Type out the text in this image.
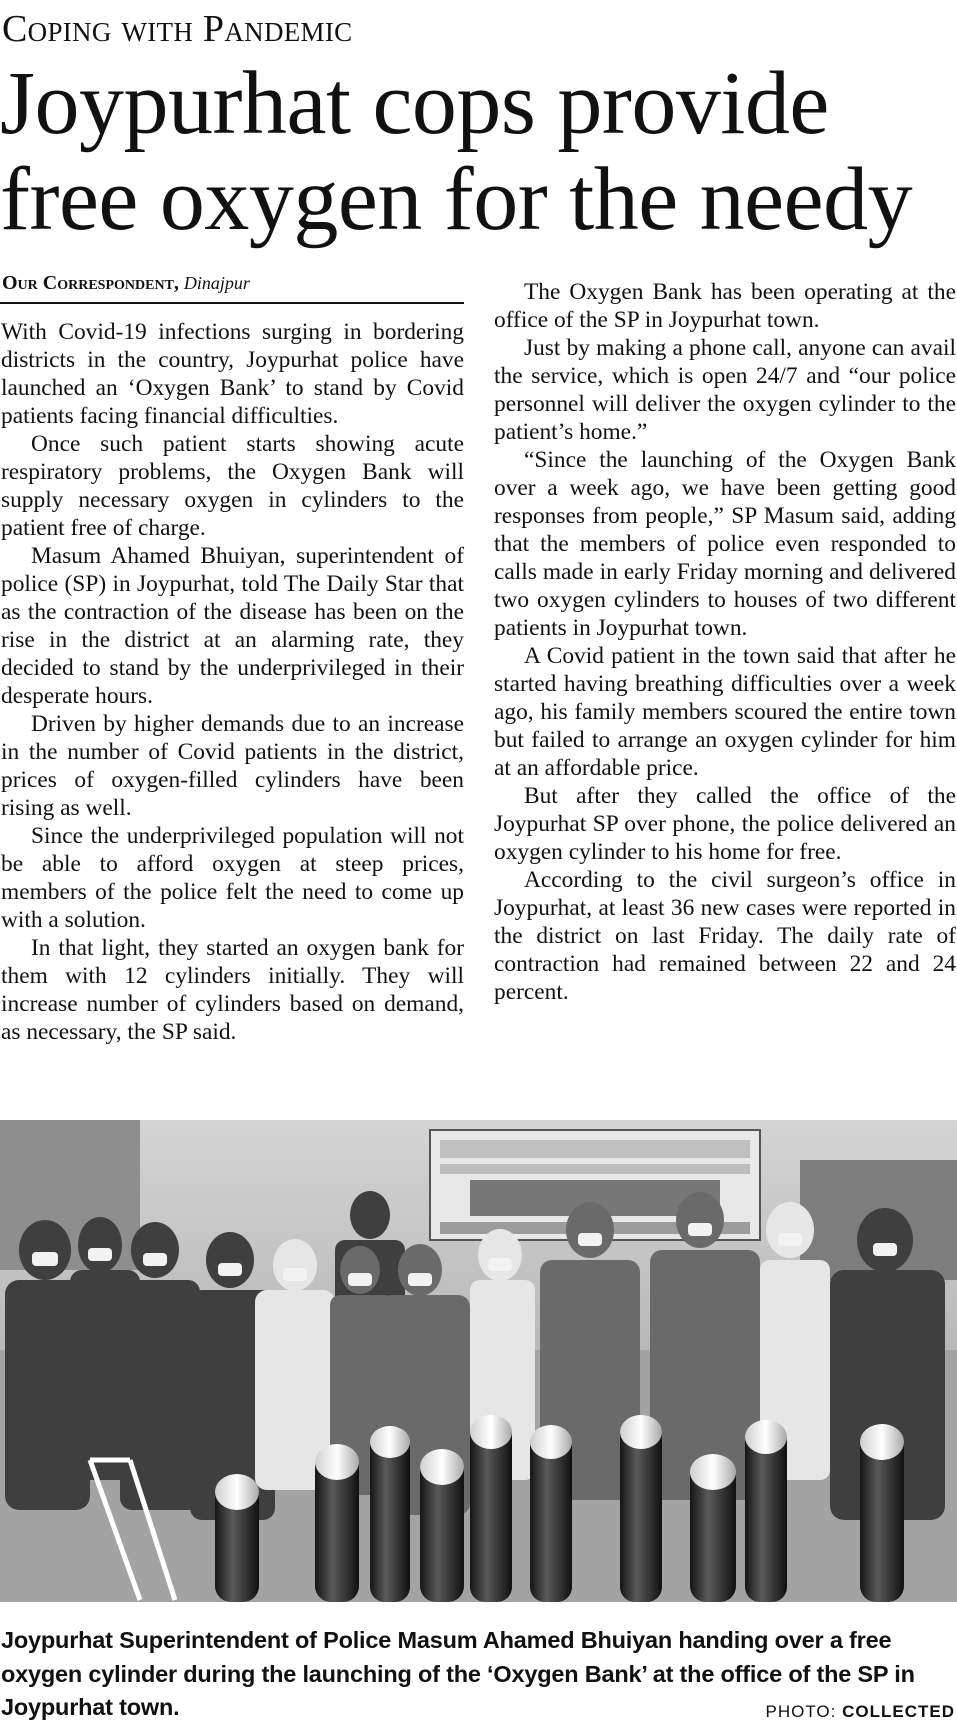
Coping with Pandemic
Joypurhat cops provide
free oxygen for the needy
Our Correspondent, Dinajpur

With Covid-19 infections surging in bordering districts in the country, Joypurhat police have launched an ‘Oxygen Bank’ to stand by Covid patients facing financial difficulties.

Once such patient starts showing acute respiratory problems, the Oxygen Bank will supply necessary oxygen in cylinders to the patient free of charge.

Masum Ahamed Bhuiyan, superintendent of police (SP) in Joypurhat, told The Daily Star that as the contraction of the disease has been on the rise in the district at an alarming rate, they decided to stand by the underprivileged in their desperate hours.

Driven by higher demands due to an increase in the number of Covid patients in the district, prices of oxygen-filled cylinders have been rising as well.

Since the underprivileged population will not be able to afford oxygen at steep prices, members of the police felt the need to come up with a solution.

In that light, they started an oxygen bank for them with 12 cylinders initially. They will increase number of cylinders based on demand, as necessary, the SP said.

The Oxygen Bank has been operating at the office of the SP in Joypurhat town.

Just by making a phone call, anyone can avail the service, which is open 24/7 and “our police personnel will deliver the oxygen cylinder to the patient’s home.”

“Since the launching of the Oxygen Bank over a week ago, we have been getting good responses from people,” SP Masum said, adding that the members of police even responded to calls made in early Friday morning and delivered two oxygen cylinders to houses of two different patients in Joypurhat town.

A Covid patient in the town said that after he started having breathing difficulties over a week ago, his family members scoured the entire town but failed to arrange an oxygen cylinder for him at an affordable price.

But after they called the office of the Joypurhat SP over phone, the police delivered an oxygen cylinder to his home for free.

According to the civil surgeon’s office in Joypurhat, at least 36 new cases were reported in the district on last Friday. The daily rate of contraction had remained between 22 and 24 percent.

Joypurhat Superintendent of Police Masum Ahamed Bhuiyan handing over a free oxygen cylinder during the launching of the ‘Oxygen Bank’ at the office of the SP in Joypurhat town.	PHOTO: COLLECTED
